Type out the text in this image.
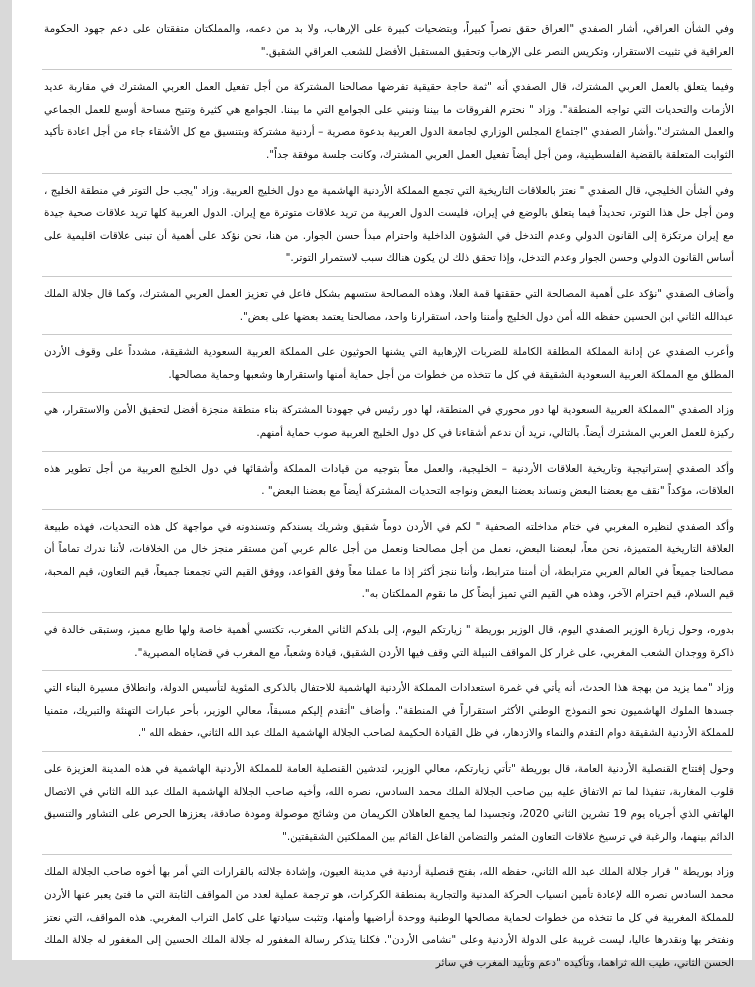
وفي الشأن العراقي، أشار الصفدي "العراق حقق نصراً كبيراً، وبتضحيات كبيرة على الإرهاب، ولا بد من دعمه، والمملكتان متفقتان على دعم جهود الحكومة العراقية في تثبيت الاستقرار، وتكريس النصر على الإرهاب وتحقيق المستقبل الأفضل للشعب العراقي الشقيق."

وفيما يتعلق بالعمل العربي المشترك، قال الصفدي أنه "ثمة حاجة حقيقية تفرضها مصالحنا المشتركة من أجل تفعيل العمل العربي المشترك في مقاربة عديد الأزمات والتحديات التي تواجه المنطقة". وزاد " نحترم الفروقات ما بيننا ونبني على الجوامع التي ما بيننا. الجوامع هي كثيرة وتتيح مساحة أوسع للعمل الجماعي والعمل المشترك".وأشار الصفدي "اجتماع المجلس الوزاري لجامعة الدول العربية بدعوة مصرية – أردنية مشتركة وبتنسيق مع كل الأشقاء جاء من أجل اعادة تأكيد الثوابت المتعلقة بالقضية الفلسطينية، ومن أجل أيضاً تفعيل العمل العربي المشترك، وكانت جلسة موفقة جداً".

وفي الشأن الخليجي، قال الصفدي " نعتز بالعلاقات التاريخية التي تجمع المملكة الأردنية الهاشمية مع دول الخليج العربية. وزاد "يجب حل التوتر في منطقة الخليج ، ومن أجل حل هذا التوتر، تحديداً فيما يتعلق بالوضع في إيران، فليست الدول العربية من تريد علاقات متوترة مع إيران. الدول العربية كلها تريد علاقات صحية جيدة مع إيران مرتكزة إلى القانون الدولي وعدم التدخل في الشؤون الداخلية واحترام مبدأ حسن الجوار. من هنا، نحن نؤكد على أهمية أن تبنى علاقات اقليمية على أساس القانون الدولي وحسن الجوار وعدم التدخل، وإذا تحقق ذلك لن يكون هنالك سبب لاستمرار التوتر."

وأضاف الصفدي "نؤكد على أهمية المصالحة التي حققتها قمة العلا، وهذه المصالحة ستسهم بشكل فاعل في تعزيز العمل العربي المشترك، وكما قال جلالة الملك عبدالله الثاني ابن الحسين حفظه الله أمن دول الخليج وأمننا واحد، استقرارنا واحد، مصالحنا يعتمد بعضها على بعض".

وأعرب الصفدي عن إدانة المملكة المطلقة الكاملة للضربات الإرهابية التي يشنها الحوثيون على المملكة العربية السعودية الشقيقة، مشدداً على وقوف الأردن المطلق مع المملكة العربية السعودية الشقيقة في كل ما تتخذه من خطوات من أجل حماية أمنها واستقرارها وشعبها وحماية مصالحها.

وزاد الصفدي "المملكة العربية السعودية لها دور محوري في المنطقة، لها دور رئيس في جهودنا المشتركة بناء منطقة منجزة أفضل لتحقيق الأمن والاستقرار، هي ركيزة للعمل العربي المشترك أيضاً. بالتالي، نريد أن ندعم أشقاءنا في كل دول الخليج العربية صوب حماية أمنهم.

وأكد الصفدي إستراتيجية وتاريخية العلاقات الأردنية – الخليجية، والعمل معاً بتوجيه من قيادات المملكة وأشقائها في دول الخليج العربية من أجل تطوير هذه العلاقات، مؤكداً "نقف مع بعضنا البعض ونساند بعضنا البعض ونواجه التحديات المشتركة أيضاً مع بعضنا البعض" .

وأكد الصفدي لنظيره المغربي في ختام مداخلته الصحفية " لكم في الأردن دوماً شقيق وشريك يسندكم وتسندونه في مواجهة كل هذه التحديات، فهذه طبيعة العلاقة التاريخية المتميزة، نحن معاً، لبعضنا البعض، نعمل من أجل مصالحنا ونعمل من أجل عالم عربي آمن مستقر منجز خال من الخلافات، لأننا ندرك تماماً أن مصالحنا جميعاً في العالم العربي مترابطة، أن أمننا مترابط، وأننا ننجز أكثر إذا ما عملنا معاً وفق القواعد، ووفق القيم التي تجمعنا جميعاً، قيم التعاون، قيم المحبة، قيم السلام، قيم احترام الآخر، وهذه هي القيم التي تميز أيضاً كل ما نقوم المملكتان به".

بدوره، وحول زيارة الوزير الصفدي اليوم، قال الوزير بوريطة " زيارتكم اليوم، إلى بلدكم الثاني المغرب، تكتسي أهمية خاصة ولها طابع مميز، وستبقى خالدة في ذاكرة ووجدان الشعب المغربي، على غرار كل المواقف النبيلة التي وقف فيها الأردن الشقيق، قيادة وشعباً، مع المغرب في قضاياه المصيرية".

وزاد "مما يزيد من بهجة هذا الحدث، أنه يأتي في غمرة استعدادات المملكة الأردنية الهاشمية للاحتفال بالذكرى المئوية لتأسيس الدولة، وانطلاق مسيرة البناء التي جسدها الملوك الهاشميون نحو النموذج الوطني الأكثر استقراراً في المنطقة". وأضاف "أتقدم إليكم مسبقاً، معالي الوزير، بأحر عبارات التهنئة والتبريك، متمنيا للمملكة الأردنية الشقيقة دوام التقدم والنماء والازدهار، في ظل القيادة الحكيمة لصاحب الجلالة الهاشمية الملك عبد الله الثاني، حفظه الله ".

وحول إفتتاح القنصلية الأردنية العامة، قال بوريطة "تأتي زيارتكم، معالي الوزير، لتدشين القنصلية العامة للمملكة الأردنية الهاشمية في هذه المدينة العزيزة على قلوب المغاربة، تنفيذا لما تم الاتفاق عليه بين صاحب الجلالة الملك محمد السادس، نصره الله، وأخيه صاحب الجلالة الهاشمية الملك عبد الله الثاني في الاتصال الهاتفي الذي أجرياه يوم 19 تشرين الثاني 2020، وتجسيدا لما يجمع العاهلان الكريمان من وشائج موصولة ومودة صادقة، يعززها الحرص على التشاور والتنسيق الدائم بينهما، والرغبة في ترسيخ علاقات التعاون المثمر والتضامن الفاعل القائم بين المملكتين الشقيقتين."

وزاد بوريطة " قرار جلالة الملك عبد الله الثاني، حفظه الله، بفتح قنصلية أردنية في مدينة العيون، وإشادة جلالته بالقرارات التي أمر بها أخوه صاحب الجلالة الملك محمد السادس نصره الله لإعادة تأمين انسياب الحركة المدنية والتجارية بمنطقة الكركرات، هو ترجمة عملية لعدد من المواقف الثابتة التي ما فتئ يعبر عنها الأردن للمملكة المغربية في كل ما تتخذه من خطوات لحماية مصالحها الوطنية ووحدة أراضيها وأمنها، وتثبت سيادتها على كامل التراب المغربي. هذه المواقف، التي نعتز ونفتخر بها ونقدرها عاليا، ليست غريبة على الدولة الأردنية وعلى "نشامى الأردن". فكلنا يتذكر رسالة المغفور له جلالة الملك الحسين إلى المغفور له جلالة الملك الحسن الثاني، طيب الله ثراهما، وتأكيده "دعم وتأييد المغرب في سائر
